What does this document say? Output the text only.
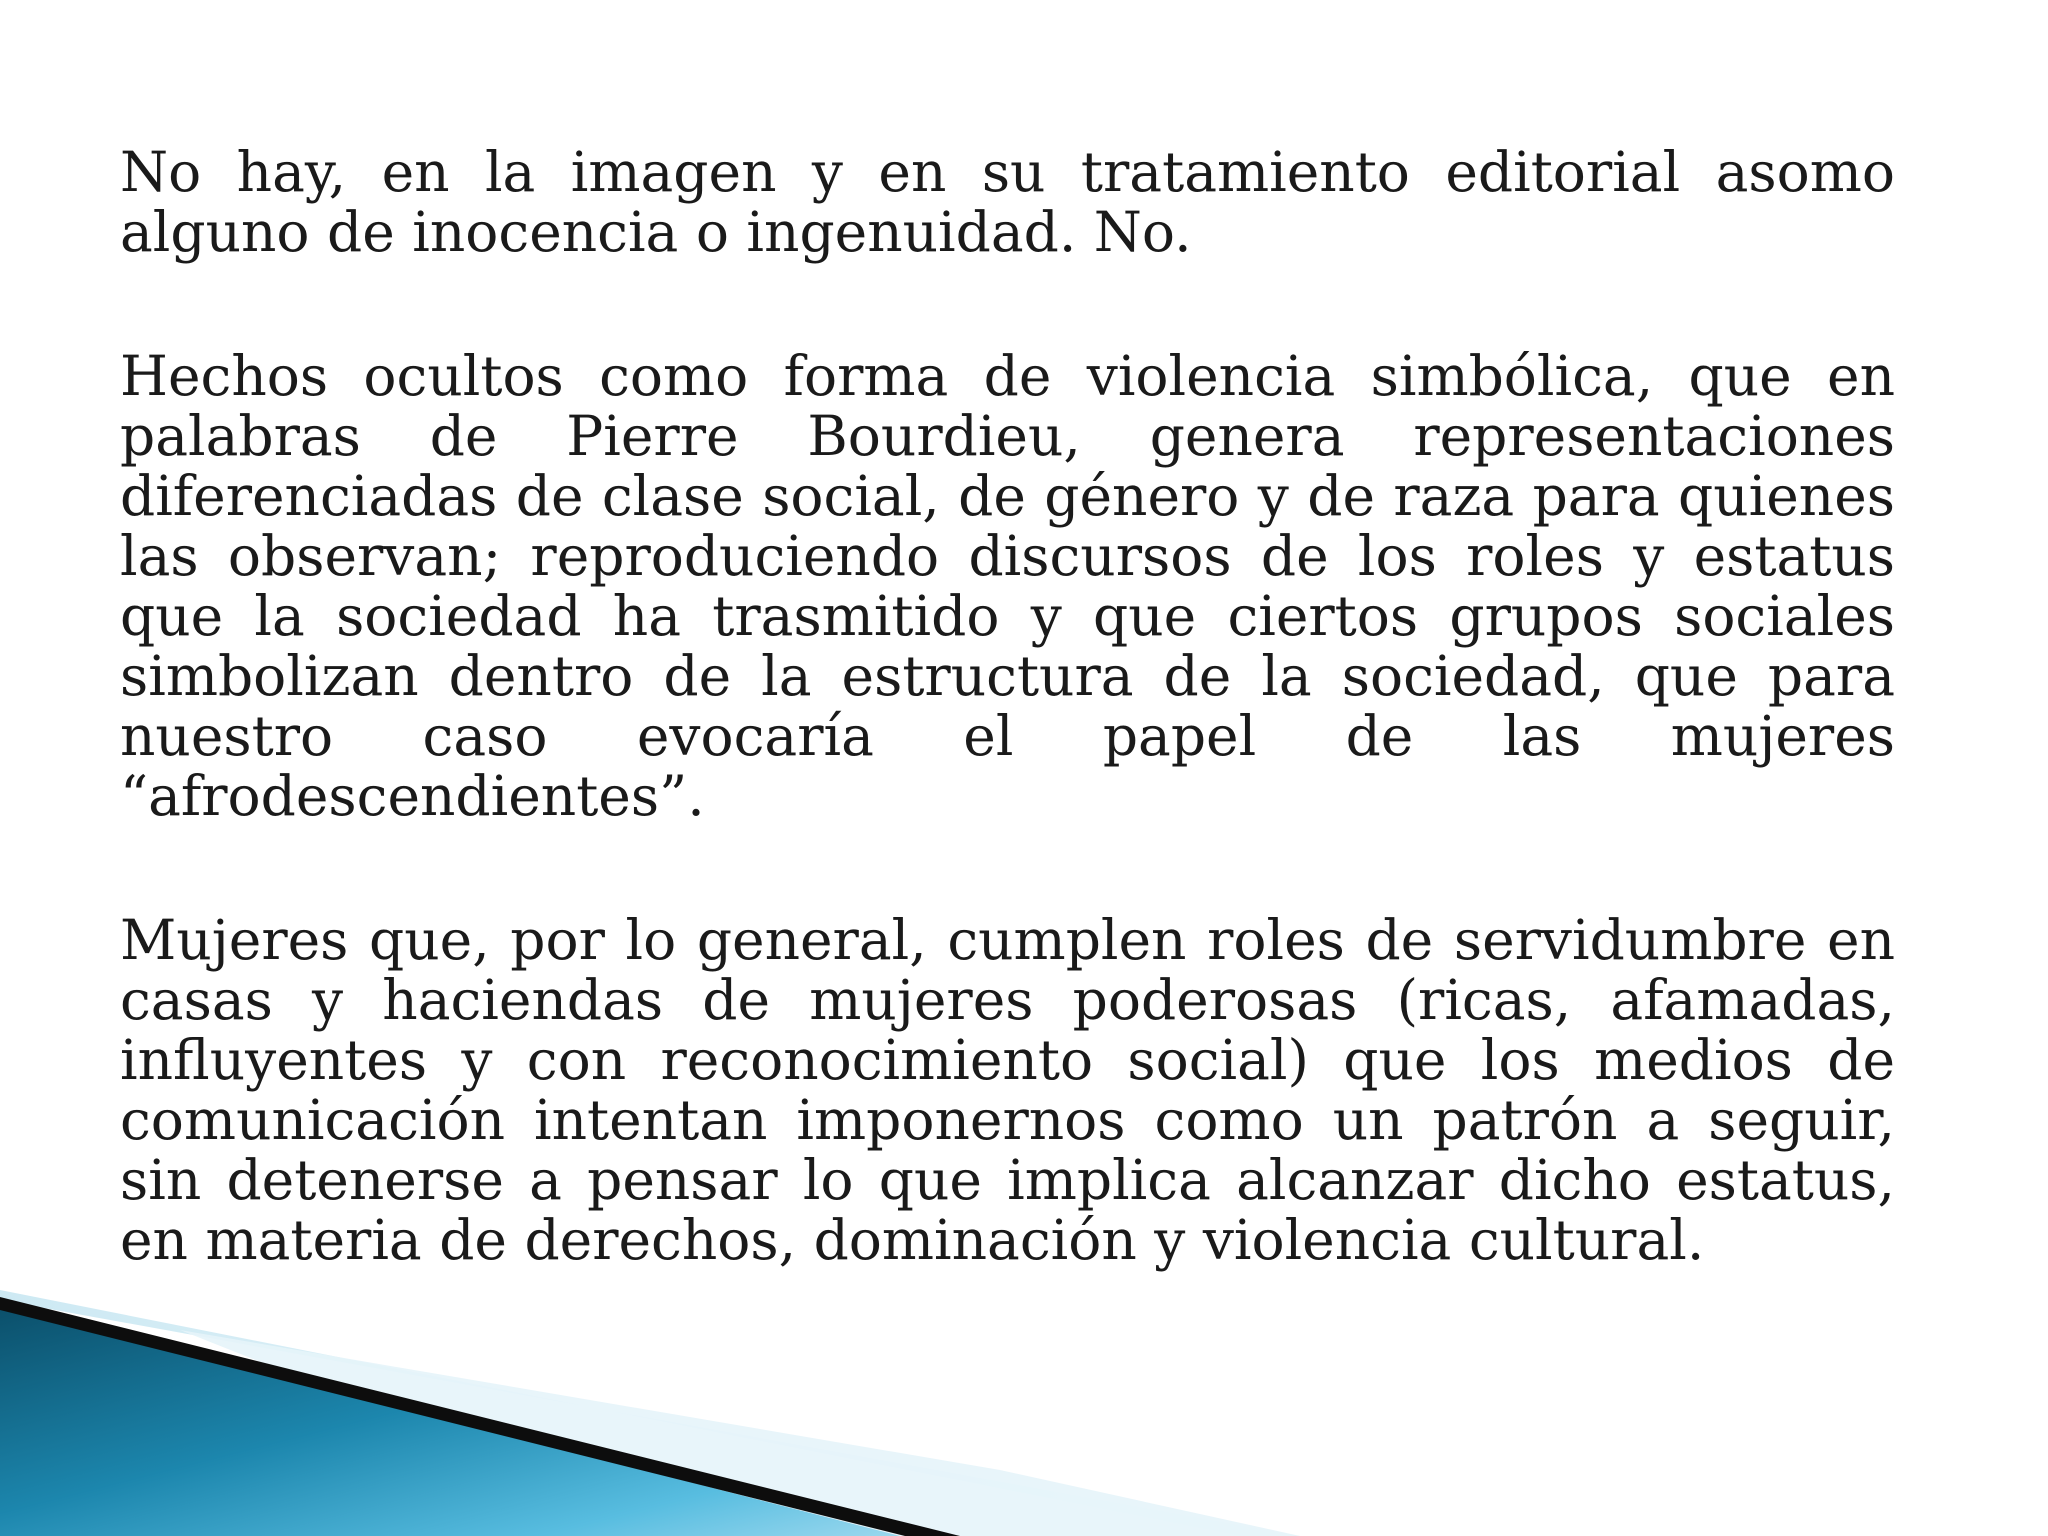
No hay, en la imagen y en su tratamiento editorial asomo alguno de inocencia o ingenuidad. No.

Hechos ocultos como forma de violencia simbólica, que en palabras de Pierre Bourdieu, genera representaciones diferenciadas de clase social, de género y de raza para quienes las observan; reproduciendo discursos de los roles y estatus que la sociedad ha trasmitido y que ciertos grupos sociales simbolizan dentro de la estructura de la sociedad, que para nuestro caso evocaría el papel de las mujeres “afrodescendientes”.

Mujeres que, por lo general, cumplen roles de servidumbre en casas y haciendas de mujeres poderosas (ricas, afamadas, influyentes y con reconocimiento social) que los medios de comunicación intentan imponernos como un patrón a seguir, sin detenerse a pensar lo que implica alcanzar dicho estatus, en materia de derechos, dominación y violencia cultural.
